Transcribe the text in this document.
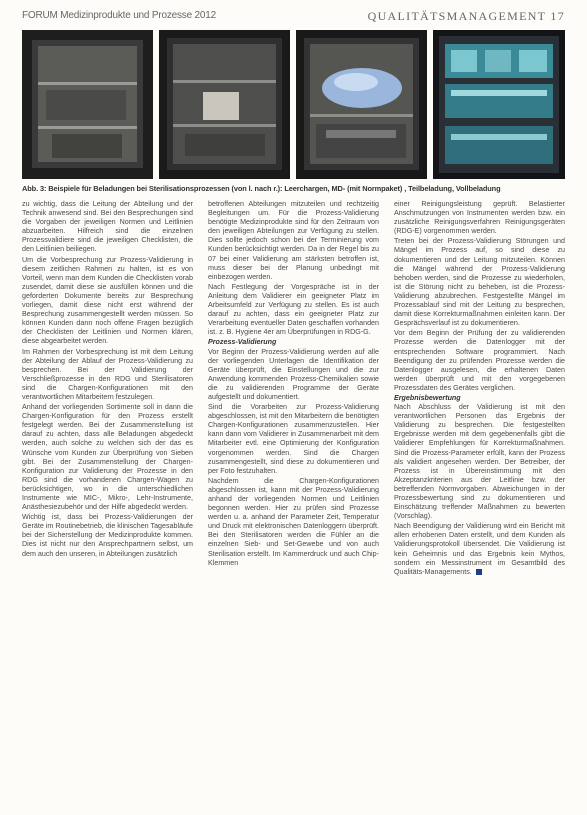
FORUM Medizinprodukte und Prozesse 2012	QUALITÄTSMANAGEMENT 17
Abb. 3: Beispiele für Beladungen bei Sterilisationsprozessen (von l. nach r.): Leerchargen, MD- (mit Normpaket) , Teilbeladung, Vollbeladung

zu wichtig, dass die Leitung der Abteilung und der Technik anwesend sind. Bei den Besprechungen sind die Vorgaben der jeweiligen Normen und Leitlinien abzuarbeiten. Hilfreich sind die einzelnen Prozessvalidiere sind die jeweiligen Checklisten, die den Leitlinien beiliegen.

Um die Vorbesprechung zur Prozess-Validierung in diesem zeitlichen Rahmen zu halten, ist es von Vorteil, wenn man dem Kunden die Checklisten vorab zusendet, damit diese sie ausfüllen können und die geforderten Dokumente bereits zur Besprechung vorliegen, damit diese nicht erst während der Besprechung zusammengestellt werden müssen. So können Kunden dann noch offene Fragen bezüglich der Checklisten der Leitlinien und Normen klären, diese abgearbeitet werden.

Im Rahmen der Vorbesprechung ist mit dem Leitung der Abteilung der Ablauf der Prozess-Validierung zu besprechen. Bei der Validierung der Verschließprozesse in den RDG und Sterilisatoren sind die Chargen-Konfigurationen mit den verantwortlichen Mitarbeitern festzulegen.

Anhand der vorliegenden Sortimente soll in dann die Chargen-Konfiguration für den Prozess erstellt festgelegt werden. Bei der Zusammenstellung ist darauf zu achten, dass alle Beladungen abgedeckt werden, auch solche zu welchen sich der das es Wünsche vom Kunden zur Überprüfung von Sieben gibt. Bei der Zusammenstellung der Chargen-Konfiguration zur Validierung der Prozesse in den RDG sind die vorhandenen Chargen-Wagen zu berücksichtigen, wo in die unterschiedlichen Instrumente wie MIC-, Mikro-, Lehr-Instrumente, Anästhesiezubehör und der Hilfe abgedeckt werden.

Wichtig ist, dass bei Prozess-Validierungen der Geräte im Routinebetrieb, die klinischen Tagesabläufe bei der Sicherstellung der Medizinprodukte kommen. Dies ist nicht nur den Ansprechpartnern selbst, um dem auch den unseren, in Abteilungen zusätzlich

betroffenen Abteilungen mitzuteilen und rechtzeitig Begleitungen um. Für die Prozess-Validierung benötigte Medizinprodukte sind für den Zeitraum von den jeweiligen Abteilungen zur Verfügung zu stellen. Dies sollte jedoch schon bei der Terminierung vom Kunden berücksichtigt werden. Da in der Regel bis zu 07 bei einer Validierung am stärksten betroffen ist, muss dieser bei der Planung unbedingt mit einbezogen werden.

Nach Festlegung der Vorgespräche ist in der Anleitung dem Validierer ein geeigneter Platz im Arbeitsumfeld zur Verfügung zu stellen. Es ist auch darauf zu achten, dass ein geeigneter Platz zur Verarbeitung eventueller Daten geschaffen vorhanden ist. z. B. Hygiene 4er am Überprüfungen in RDG-G.

Prozess-Validierung

Vor Beginn der Prozess-Validierung werden auf alle der vorliegenden Unterlagen die Identifikation der Geräte überprüft, die Einstellungen und die zur Anwendung kommenden Prozess-Chemikalien sowie die zu validierenden Programme der Geräte aufgestellt und dokumentiert.

Sind die Vorarbeiten zur Prozess-Validierung abgeschlossen, ist mit den Mitarbeitern die benötigten Chargen-Konfigurationen zusammenzustellen. Hier kann dann vom Validierer in Zusammenarbeit mit dem Mitarbeiter evtl. eine Optimierung der Konfiguration vorgenommen werden. Sind die Chargen zusammengestellt, sind diese zu dokumentieren und per Foto festzuhalten.

Nachdem die Chargen-Konfigurationen abgeschlossen ist, kann mit der Prozess-Validierung anhand der vorliegenden Normen und Leitlinien begonnen werden. Hier zu prüfen sind Prozesse werden u. a. anhand der Parameter Zeit, Temperatur und Druck mit elektronischen Datenloggern überprüft. Bei den Sterilisatoren werden die Fühler an die einzelnen Sieb- und Set-Gewebe und von auch Sterilisation erstellt. Im Kammerdruck und auch Chip-Klemmen

einer Reinigungsleistung geprüft. Belastierter Anschmutzungen von Instrumenten werden bzw. ein zusätzliche Reinigungsverfahren Reinigungsgeräten (RDG-E) vorgenommen werden.

Treten bei der Prozess-Validierung Störungen und Mängel im Prozess auf, so sind diese zu dokumentieren und der Leitung mitzuteilen. Können die Mängel während der Prozess-Validierung behoben werden, sind die Prozesse zu wiederholen, ist die Störung nicht zu beheben, ist die Prozess-Validierung abzubrechen. Festgestellte Mängel im Prozessablauf sind mit der Leitung zu besprechen, damit diese Korrekturmaßnahmen einleiten kann. Der Gesprächsverlauf ist zu dokumentieren.

Vor dem Beginn der Prüfung der zu validierenden Prozesse werden die Datenlogger mit der entsprechenden Software programmiert. Nach Beendigung der zu prüfenden Prozesse werden die Datenlogger ausgelesen, die erhaltenen Daten werden überprüft und mit den vorgegebenen Prozessdaten des Gerätes verglichen.

Ergebnisbewertung

Nach Abschluss der Validierung ist mit den verantwortlichen Personen das Ergebnis der Validierung zu besprechen. Die festgestellten Ergebnisse werden mit dem gegebenenfalls gibt die Validierer Empfehlungen für Korrekturmaßnahmen. Sind die Prozess-Parameter erfüllt, kann der Prozess als validiert angesehen werden. Der Betreiber, der Prozess ist in Übereinstimmung mit den Akzeptanzkriterien aus der Leitlinie bzw. der betreffenden Normvorgaben. Abweichungen in der Prozessbewertung sind zu dokumentieren und Einschätzung treffender Maßnahmen zu bewerten (Vorschlag).

Nach Beendigung der Validierung wird ein Bericht mit allen erhobenen Daten erstellt, und dem Kunden als Validierungsprotokoll übersendet. Die Validierung ist kein Geheimnis und das Ergebnis kein Mythos, sondern ein Messinstrument im Gesamtbild des Qualitäts-Managements.
